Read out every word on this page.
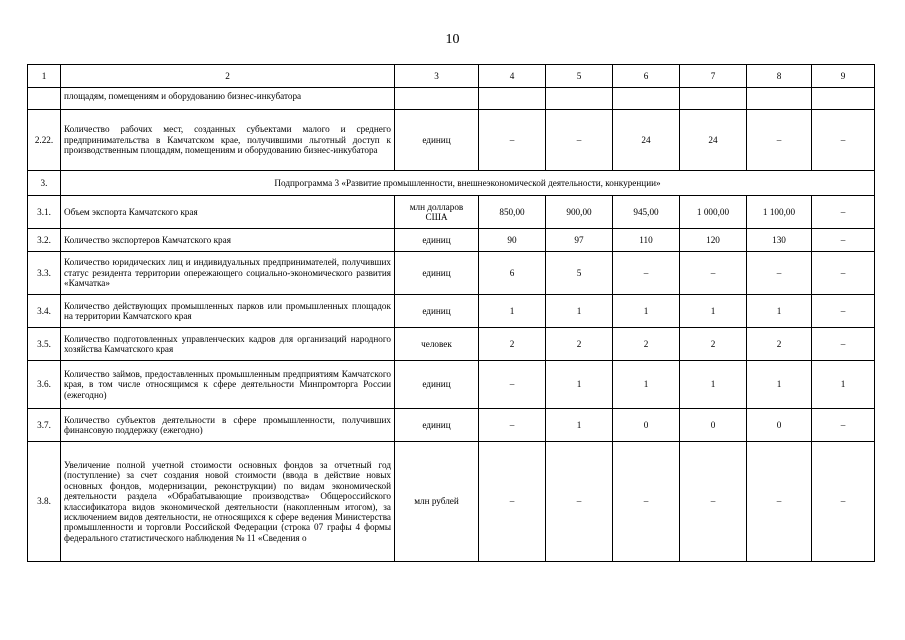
10
1	2	3	4	5	6	7	8	9
	площадям, помещениям и оборудованию бизнес-инкубатора							
2.22.	Количество рабочих мест, созданных субъектами малого и среднего предпринимательства в Камчатском крае, получившими льготный доступ к производственным площадям, помещениям и оборудованию бизнес-инкубатора	единиц	–	–	24	24	–	–
3.	Подпрограмма 3 «Развитие промышленности, внешнеэкономической деятельности, конкуренции»							
3.1.	Объем экспорта Камчатского края	млн долларов США	850,00	900,00	945,00	1 000,00	1 100,00	–
3.2.	Количество экспортеров Камчатского края	единиц	90	97	110	120	130	–
3.3.	Количество юридических лиц и индивидуальных предпринимателей, получивших статус резидента территории опережающего социально-экономического развития «Камчатка»	единиц	6	5	–	–	–	–
3.4.	Количество действующих промышленных парков или промышленных площадок на территории Камчатского края	единиц	1	1	1	1	1	–
3.5.	Количество подготовленных управленческих кадров для организаций народного хозяйства Камчатского края	человек	2	2	2	2	2	–
3.6.	Количество займов, предоставленных промышленным предприятиям Камчатского края, в том числе относящимся к сфере деятельности Минпромторга России (ежегодно)	единиц	–	1	1	1	1	1
3.7.	Количество субъектов деятельности в сфере промышленности, получивших финансовую поддержку (ежегодно)	единиц	–	1	0	0	0	–
3.8.	Увеличение полной учетной стоимости основных фондов за отчетный год (поступление) за счет создания новой стоимости (ввода в действие новых основных фондов, модернизации, реконструкции) по видам экономической деятельности раздела «Обрабатывающие производства» Общероссийского классификатора видов экономической деятельности (накопленным итогом), за исключением видов деятельности, не относящихся к сфере ведения Министерства промышленности и торговли Российской Федерации (строка 07 графы 4 формы федерального статистического наблюдения № 11 «Сведения о	млн рублей	–	–	–	–	–	–
